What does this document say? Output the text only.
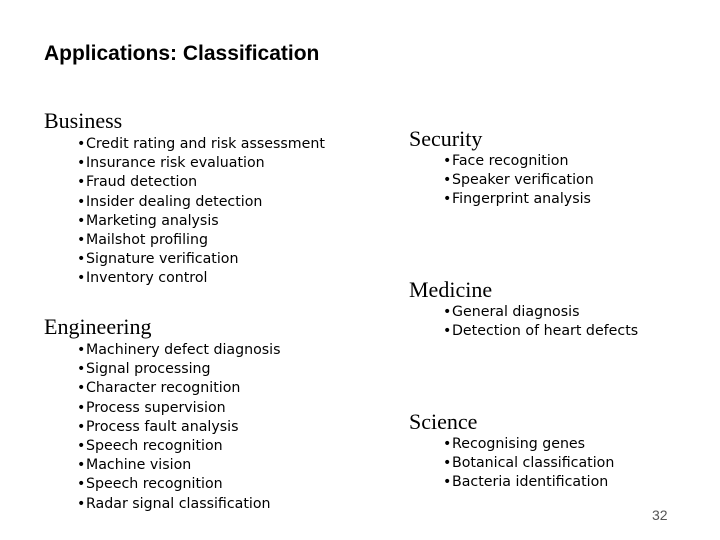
Applications: Classification
Business
•Credit rating and risk assessment
•Insurance risk evaluation
•Fraud detection
•Insider dealing detection
•Marketing analysis
•Mailshot profiling
•Signature verification
•Inventory control
Engineering
•Machinery defect diagnosis
•Signal processing
•Character recognition
•Process supervision
•Process fault analysis
•Speech recognition
•Machine vision
•Speech recognition
•Radar signal classification
Security
•Face recognition
•Speaker verification
•Fingerprint analysis
Medicine
•General diagnosis
•Detection of heart defects
Science
•Recognising genes
•Botanical classification
•Bacteria identification
32
